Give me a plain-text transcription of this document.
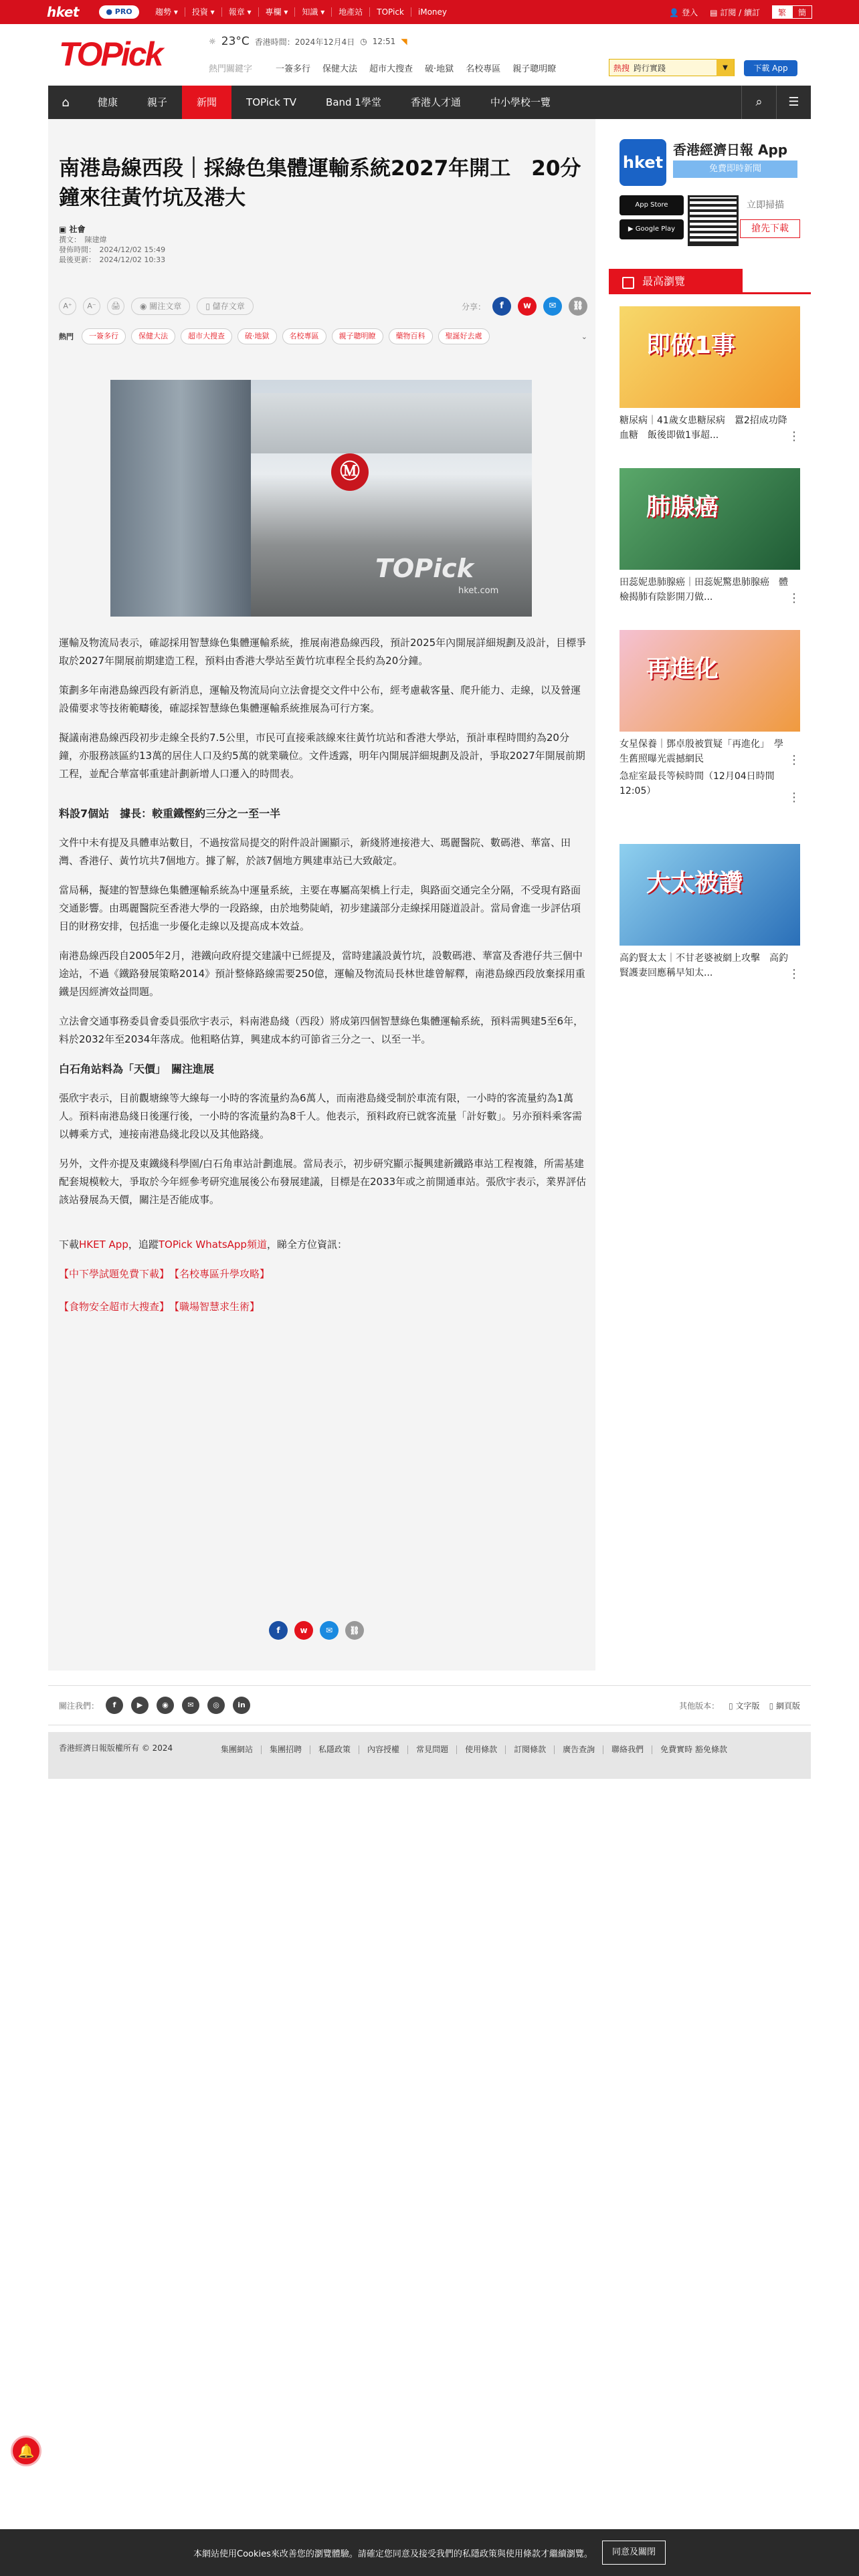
hket	● PRO	趨勢 ▾	投資 ▾	報章 ▾	專欄 ▾	知識 ▾	地產站	TOPick	iMoney	👤 登入 ▤ 訂閱 / 續訂	繁	簡
TOPick	☼ 23°C 香港時間：2024年12月4日 ◷ 12:51 ◥
熱門關鍵字	一簽多行 保健大法 超市大搜查 破·地獄 名校專區 親子聰明瞭	熱搜 跨行實踐	▼	下載 App
⌂	健康	親子	新聞	TOPick TV	Band 1學堂	香港人才通	中小學校一覽	⌕	☰
南港島線西段｜採綠色集體運輸系統2027年開工　20分鐘來往黃竹坑及港大
▣ 社會
撰文：　陳建煒
發佈時間：　2024/12/02 15:49
最後更新：　2024/12/02 10:33
A⁺	A⁻	🖨	◉ 關注文章	▯ 儲存文章	分享：	f	w	✉	⛓
熱門	一簽多行	保健大法	超市大搜查	破·地獄	名校專區	親子聰明瞭	藥物百科	聖誕好去處	⌄
Ⓜ
TOPick
hket.com

運輸及物流局表示，確認採用智慧綠色集體運輸系統，推展南港島線西段，預計2025年內開展詳細規劃及設計，目標爭取於2027年開展前期建造工程，預料由香港大學站至黃竹坑車程全長約為20分鐘。

策劃多年南港島線西段有新消息，運輸及物流局向立法會提交文件中公布，經考慮載客量、爬升能力、走線，以及營運設備要求等技術範疇後，確認採智慧綠色集體運輸系統推展為可行方案。

擬議南港島線西段初步走線全長約7.5公里，市民可直接乘該線來往黃竹坑站和香港大學站，預計車程時間約為20分鐘，亦服務該區約13萬的居住人口及約5萬的就業職位。文件透露，明年內開展詳細規劃及設計，爭取2027年開展前期工程，並配合華富邨重建計劃新增人口遷入的時間表。

料設7個站　據長：較重鐵慳約三分之一至一半

文件中未有提及具體車站數目，不過按當局提交的附件設計圖顯示，新綫將連接港大、瑪麗醫院、數碼港、華富、田灣、香港仔、黃竹坑共7個地方。據了解，於該7個地方興建車站已大致敲定。

當局稱，擬建的智慧綠色集體運輸系統為中運量系統，主要在專屬高架橋上行走，與路面交通完全分隔，不受現有路面交通影響。由瑪麗醫院至香港大學的一段路線，由於地勢陡峭，初步建議部分走線採用隧道設計。當局會進一步評估項目的財務安排，包括進一步優化走線以及提高成本效益。

南港島線西段自2005年2月，港鐵向政府提交建議中已經提及，當時建議設黃竹坑，設數碼港、華富及香港仔共三個中途站，不過《鐵路發展策略2014》預計整條路線需要250億，運輸及物流局長林世雄曾解釋，南港島線西段放棄採用重鐵是因經濟效益問題。

立法會交通事務委員會委員張欣宇表示，料南港島綫（西段）將成第四個智慧綠色集體運輸系統，預料需興建5至6年，料於2032年至2034年落成。他粗略估算，興建成本約可節省三分之一、以至一半。

白石角站料為「天價」　關注進展

張欣宇表示，目前觀塘線等大線每一小時的客流量約為6萬人，而南港島綫受制於車流有限，一小時的客流量約為1萬人。預料南港島綫日後運行後，一小時的客流量約為8千人。他表示，預料政府已就客流量「計好數」。另亦預料乘客需以轉乘方式，連接南港島綫北段以及其他路綫。

另外，文件亦提及東鐵綫科學園/白石角車站計劃進展。當局表示，初步研究顯示擬興建新鐵路車站工程複雜，所需基建配套規模較大，爭取於今年經參考研究進展後公布發展建議，目標是在2033年或之前開通車站。張欣宇表示，業界評估該站發展為天價，關注是否能成事。

下載HKET App，追蹤TOPick WhatsApp頻道，睇全方位資訊：

【中下學試題免費下載】　【名校專區升學攻略】

【食物安全超市大搜查】　【職場智慧求生術】

f	w	✉	⛓
hket
香港經濟日報 App
免費即時新聞
App Store
▶ Google Play
立即掃描
搶先下載
最高瀏覽
即做1事
糖尿病｜41歲女患糖尿病　囂2招成功降血糖　飯後即做1事超...	⋮
肺腺癌
田蕊妮患肺腺癌｜田蕊妮驚患肺腺癌　體檢揭肺有陰影開刀做...	⋮
再進化
女星保養｜鄧卓殷被質疑「再進化」　學生舊照曝光震撼網民	⋮
急症室最長等候時間（12月04日時間12:05）	⋮
大太被讚
高釣賢太太｜不甘老婆被網上攻擊　高釣賢護妻回應稱早知太...	⋮
關注我們：	f	▶	◉	✉	◎	in	其他版本： ▯ 文字版 ▯ 網頁版
香港經濟日報版權所有 © 2024	集團網站	集團招聘	私隱政策	內容授權	常見問題	使用條款	訂閱條款	廣告查詢	聯絡我們	免費實時 豁免條款
🔔
本網站使用Cookies來改善您的瀏覽體驗。請確定您同意及接受我們的私隱政策與使用條款才繼續瀏覽。	同意及關閉
